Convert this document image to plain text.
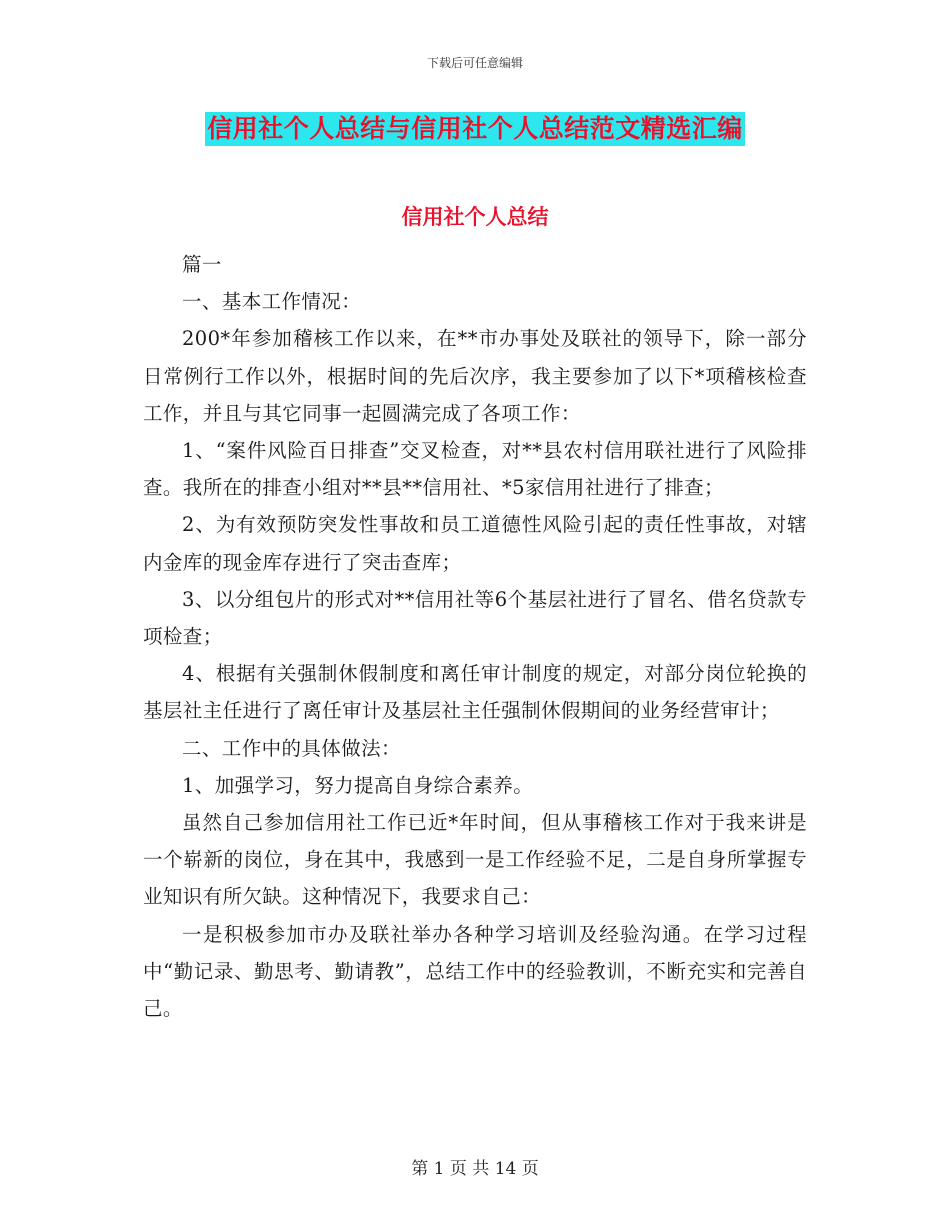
下载后可任意编辑
信用社个人总结与信用社个人总结范文精选汇编
信用社个人总结

篇一

一、基本工作情况：

200*年参加稽核工作以来，在**市办事处及联社的领导下，除一部分日常例行工作以外，根据时间的先后次序，我主要参加了以下*项稽核检查工作，并且与其它同事一起圆满完成了各项工作：

1、“案件风险百日排查”交叉检查，对**县农村信用联社进行了风险排查。我所在的排查小组对**县**信用社、*5家信用社进行了排查；

2、为有效预防突发性事故和员工道德性风险引起的责任性事故，对辖内金库的现金库存进行了突击查库；

3、以分组包片的形式对**信用社等6个基层社进行了冒名、借名贷款专项检查；

4、根据有关强制休假制度和离任审计制度的规定，对部分岗位轮换的基层社主任进行了离任审计及基层社主任强制休假期间的业务经营审计；

二、工作中的具体做法：

1、加强学习，努力提高自身综合素养。

虽然自己参加信用社工作已近*年时间，但从事稽核工作对于我来讲是一个崭新的岗位，身在其中，我感到一是工作经验不足，二是自身所掌握专业知识有所欠缺。这种情况下，我要求自己：

一是积极参加市办及联社举办各种学习培训及经验沟通。在学习过程中“勤记录、勤思考、勤请教”，总结工作中的经验教训，不断充实和完善自己。

第 1 页 共 14 页
